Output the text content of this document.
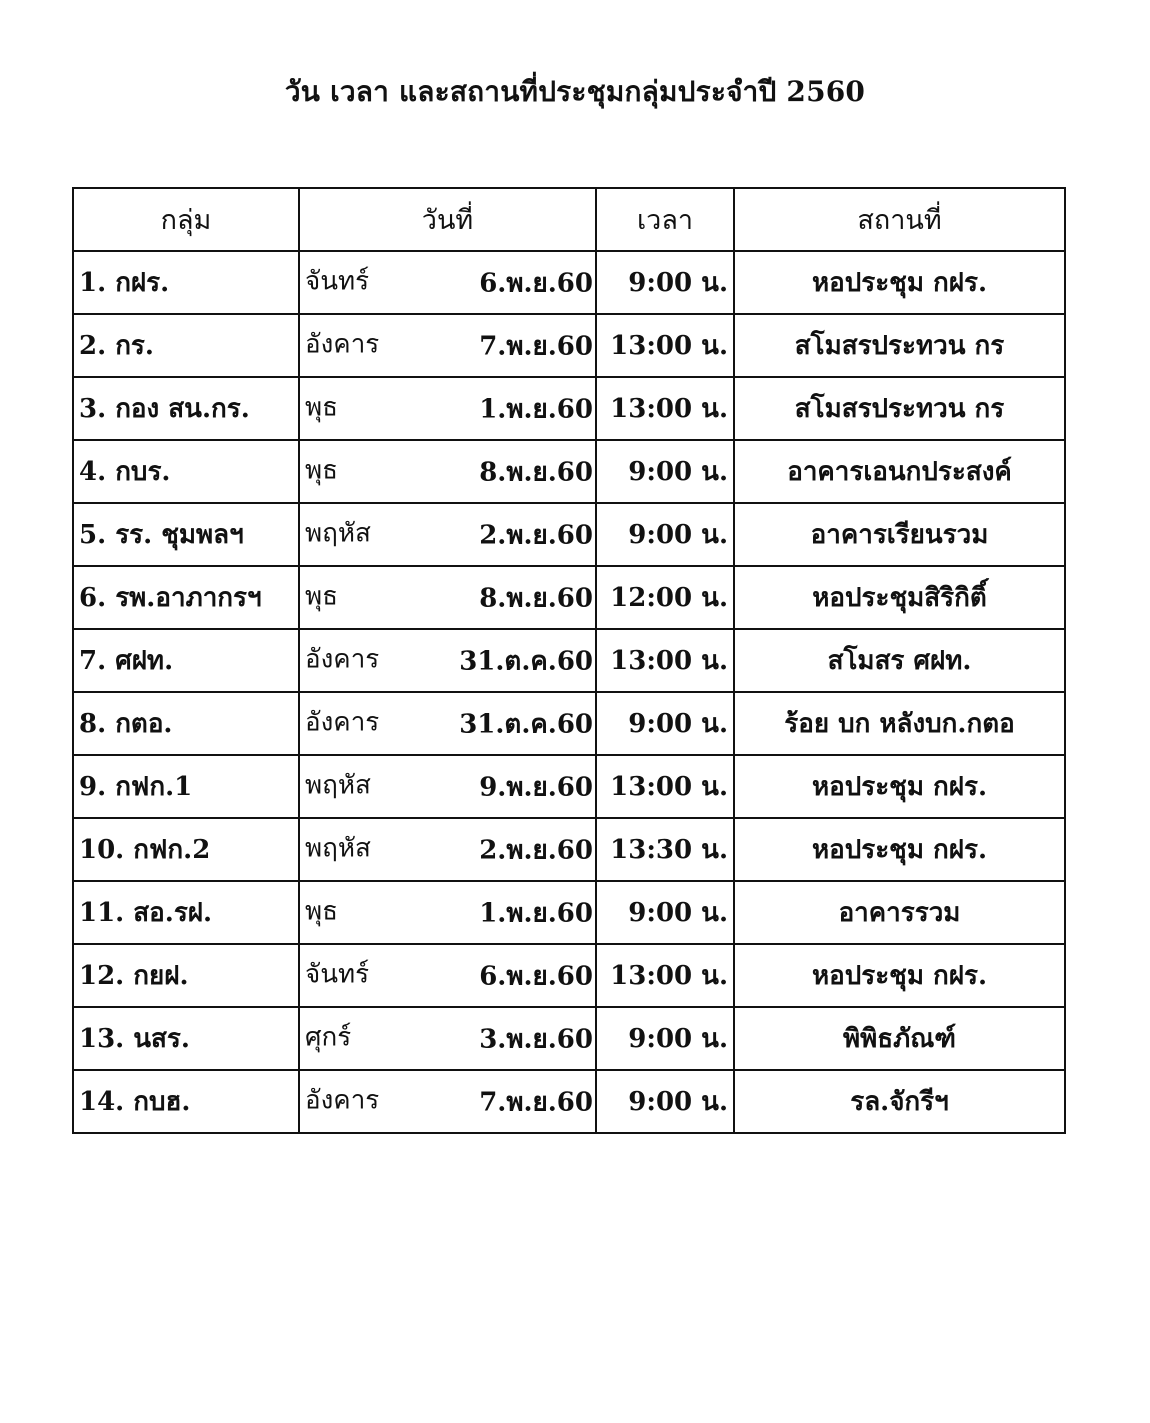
วัน เวลา และสถานที่ประชุมกลุ่มประจำปี 2560
กลุ่ม	วันที่	เวลา	สถานที่
1. กฝร.	จันทร์ 6.พ.ย.60	9:00 น.	หอประชุม กฝร.
2. กร.	อังคาร 7.พ.ย.60	13:00 น.	สโมสรประทวน กร
3. กอง สน.กร.	พุธ 1.พ.ย.60	13:00 น.	สโมสรประทวน กร
4. กบร.	พุธ 8.พ.ย.60	9:00 น.	อาคารเอนกประสงค์
5. รร. ชุมพลฯ	พฤหัส 2.พ.ย.60	9:00 น.	อาคารเรียนรวม
6. รพ.อาภากรฯ	พุธ 8.พ.ย.60	12:00 น.	หอประชุมสิริกิติ์
7. ศฝท.	อังคาร 31.ต.ค.60	13:00 น.	สโมสร ศฝท.
8. กตอ.	อังคาร 31.ต.ค.60	9:00 น.	ร้อย บก หลังบก.กตอ
9. กฟก.1	พฤหัส 9.พ.ย.60	13:00 น.	หอประชุม กฝร.
10. กฟก.2	พฤหัส 2.พ.ย.60	13:30 น.	หอประชุม กฝร.
11. สอ.รฝ.	พุธ 1.พ.ย.60	9:00 น.	อาคารรวม
12. กยฝ.	จันทร์ 6.พ.ย.60	13:00 น.	หอประชุม กฝร.
13. นสร.	ศุกร์ 3.พ.ย.60	9:00 น.	พิพิธภัณฑ์
14. กบฮ.	อังคาร 7.พ.ย.60	9:00 น.	รล.จักรีฯ
